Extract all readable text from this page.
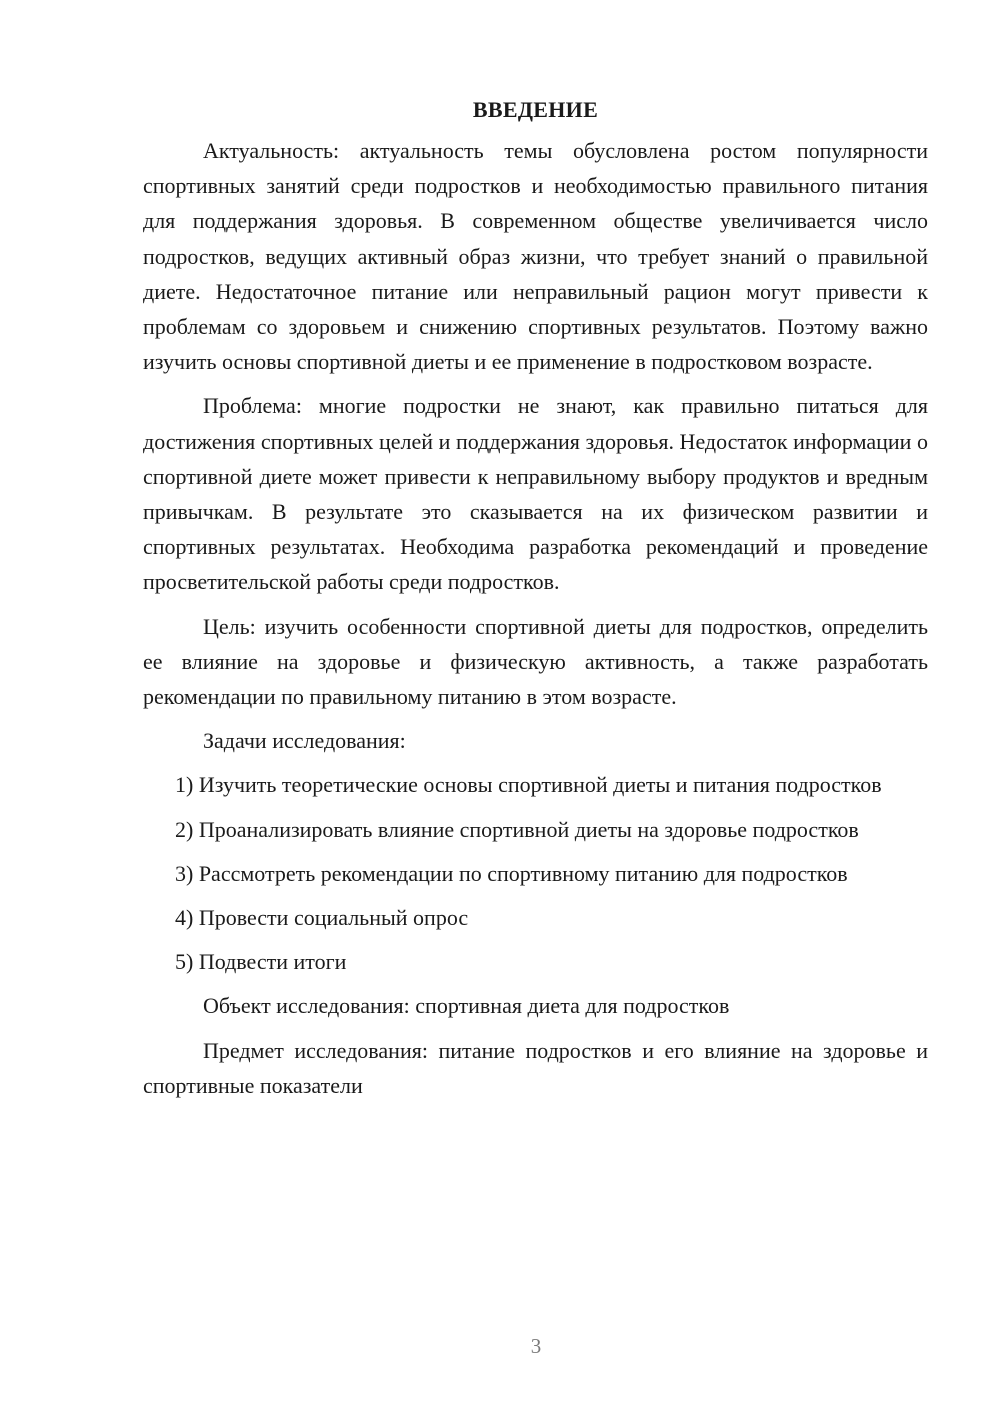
ВВЕДЕНИЕ

Актуальность: актуальность темы обусловлена ростом популярности спортивных занятий среди подростков и необходимостью правильного питания для поддержания здоровья. В современном обществе увеличивается число подростков, ведущих активный образ жизни, что требует знаний о правильной диете. Недостаточное питание или неправильный рацион могут привести к проблемам со здоровьем и снижению спортивных результатов. Поэтому важно изучить основы спортивной диеты и ее применение в подростковом возрасте.

Проблема: многие подростки не знают, как правильно питаться для достижения спортивных целей и поддержания здоровья. Недостаток информации о спортивной диете может привести к неправильному выбору продуктов и вредным привычкам. В результате это сказывается на их физическом развитии и спортивных результатах. Необходима разработка рекомендаций и проведение просветительской работы среди подростков.

Цель: изучить особенности спортивной диеты для подростков, определить ее влияние на здоровье и физическую активность, а также разработать рекомендации по правильному питанию в этом возрасте.

Задачи исследования:

1) Изучить теоретические основы спортивной диеты и питания подростков

2) Проанализировать влияние спортивной диеты на здоровье подростков

3) Рассмотреть рекомендации по спортивному питанию для подростков

4) Провести социальный опрос

5) Подвести итоги

Объект исследования: спортивная диета для подростков

Предмет исследования: питание подростков и его влияние на здоровье и спортивные показатели

3
